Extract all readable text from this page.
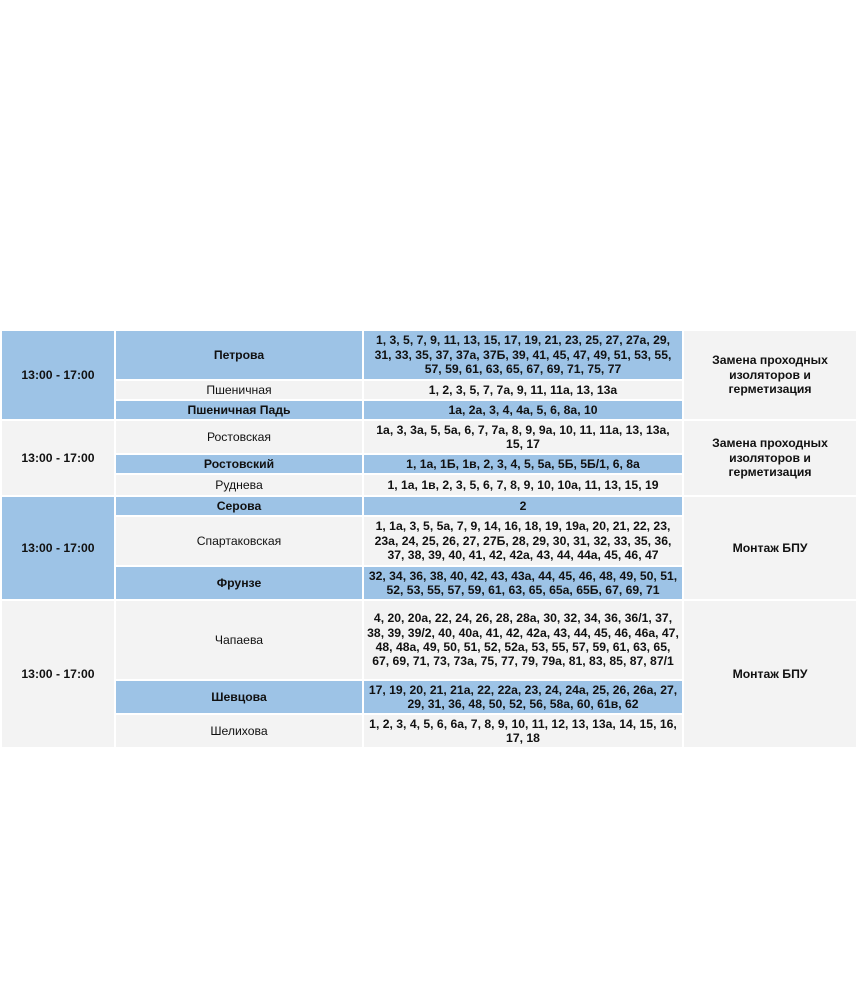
13:00 - 17:00	Петрова	1, 3, 5, 7, 9, 11, 13, 15, 17, 19, 21, 23, 25, 27, 27а, 29, 31, 33, 35, 37, 37а, 37Б, 39, 41, 45, 47, 49, 51, 53, 55, 57, 59, 61, 63, 65, 67, 69, 71, 75, 77	Замена проходных изоляторов и герметизация
	Пшеничная	1, 2, 3, 5, 7, 7а, 9, 11, 11а, 13, 13а	
	Пшеничная Падь	1а, 2а, 3, 4, 4а, 5, 6, 8а, 10	
13:00 - 17:00	Ростовская	1а, 3, 3а, 5, 5а, 6, 7, 7а, 8, 9, 9а, 10, 11, 11а, 13, 13а, 15, 17	Замена проходных изоляторов и герметизация
	Ростовский	1, 1а, 1Б, 1в, 2, 3, 4, 5, 5а, 5Б, 5Б/1, 6, 8а	
	Руднева	1, 1а, 1в, 2, 3, 5, 6, 7, 8, 9, 10, 10а, 11, 13, 15, 19	
13:00 - 17:00	Серова	2	Монтаж БПУ
	Спартаковская	1, 1а, 3, 5, 5а, 7, 9, 14, 16, 18, 19, 19а, 20, 21, 22, 23, 23а, 24, 25, 26, 27, 27Б, 28, 29, 30, 31, 32, 33, 35, 36, 37, 38, 39, 40, 41, 42, 42а, 43, 44, 44а, 45, 46, 47	
	Фрунзе	32, 34, 36, 38, 40, 42, 43, 43а, 44, 45, 46, 48, 49, 50, 51, 52, 53, 55, 57, 59, 61, 63, 65, 65а, 65Б, 67, 69, 71	
13:00 - 17:00	Чапаева	4, 20, 20а, 22, 24, 26, 28, 28а, 30, 32, 34, 36, 36/1, 37, 38, 39, 39/2, 40, 40а, 41, 42, 42а, 43, 44, 45, 46, 46а, 47, 48, 48а, 49, 50, 51, 52, 52а, 53, 55, 57, 59, 61, 63, 65, 67, 69, 71, 73, 73а, 75, 77, 79, 79а, 81, 83, 85, 87, 87/1	Монтаж БПУ
	Шевцова	17, 19, 20, 21, 21а, 22, 22а, 23, 24, 24а, 25, 26, 26а, 27, 29, 31, 36, 48, 50, 52, 56, 58а, 60, 61в, 62	
	Шелихова	1, 2, 3, 4, 5, 6, 6а, 7, 8, 9, 10, 11, 12, 13, 13а, 14, 15, 16, 17, 18	
